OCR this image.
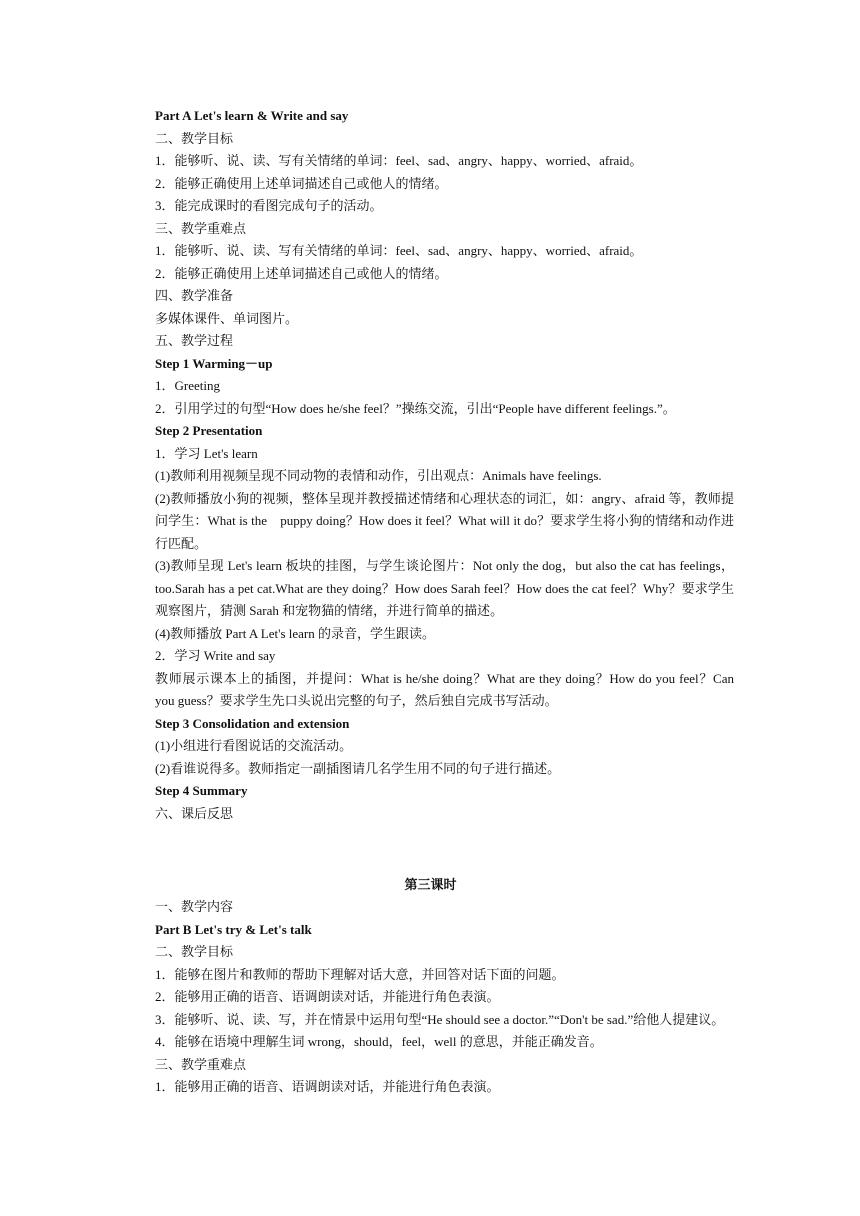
Part A Let's learn & Write and say

二、教学目标

1．能够听、说、读、写有关情绪的单词：feel、sad、angry、happy、worried、afraid。

2．能够正确使用上述单词描述自己或他人的情绪。

3．能完成课时的看图完成句子的活动。

三、教学重难点

1．能够听、说、读、写有关情绪的单词：feel、sad、angry、happy、worried、afraid。

2．能够正确使用上述单词描述自己或他人的情绪。

四、教学准备

多媒体课件、单词图片。

五、教学过程

Step 1 Warming－up

1．Greeting

2．引用学过的句型“How does he/she feel？”操练交流，引出“People have different feelings.”。

Step 2 Presentation

1．学习 Let's learn

(1)教师利用视频呈现不同动物的表情和动作，引出观点：Animals have feelings.

(2)教师播放小狗的视频，整体呈现并教授描述情绪和心理状态的词汇，如：angry、afraid 等，教师提问学生：What is the　puppy doing？How does it feel？What will it do？要求学生将小狗的情绪和动作进行匹配。

(3)教师呈现 Let's learn 板块的挂图，与学生谈论图片：Not only the dog，but also the cat has feelings，too.Sarah has a pet cat.What are they doing？How does Sarah feel？How does the cat feel？Why？要求学生观察图片，猜测 Sarah 和宠物猫的情绪，并进行简单的描述。

(4)教师播放 Part A Let's learn 的录音，学生跟读。

2．学习 Write and say

教师展示课本上的插图，并提问：What is he/she doing？What are they doing？How do you feel？Can you guess？要求学生先口头说出完整的句子，然后独自完成书写活动。

Step 3 Consolidation and extension

(1)小组进行看图说话的交流活动。

(2)看谁说得多。教师指定一副插图请几名学生用不同的句子进行描述。

Step 4 Summary

六、课后反思

第三课时

一、教学内容

Part B Let's try & Let's talk

二、教学目标

1．能够在图片和教师的帮助下理解对话大意，并回答对话下面的问题。

2．能够用正确的语音、语调朗读对话，并能进行角色表演。

3．能够听、说、读、写，并在情景中运用句型“He should see a doctor.”“Don't be sad.”给他人提建议。

4．能够在语境中理解生词 wrong，should，feel，well 的意思，并能正确发音。

三、教学重难点

1．能够用正确的语音、语调朗读对话，并能进行角色表演。
